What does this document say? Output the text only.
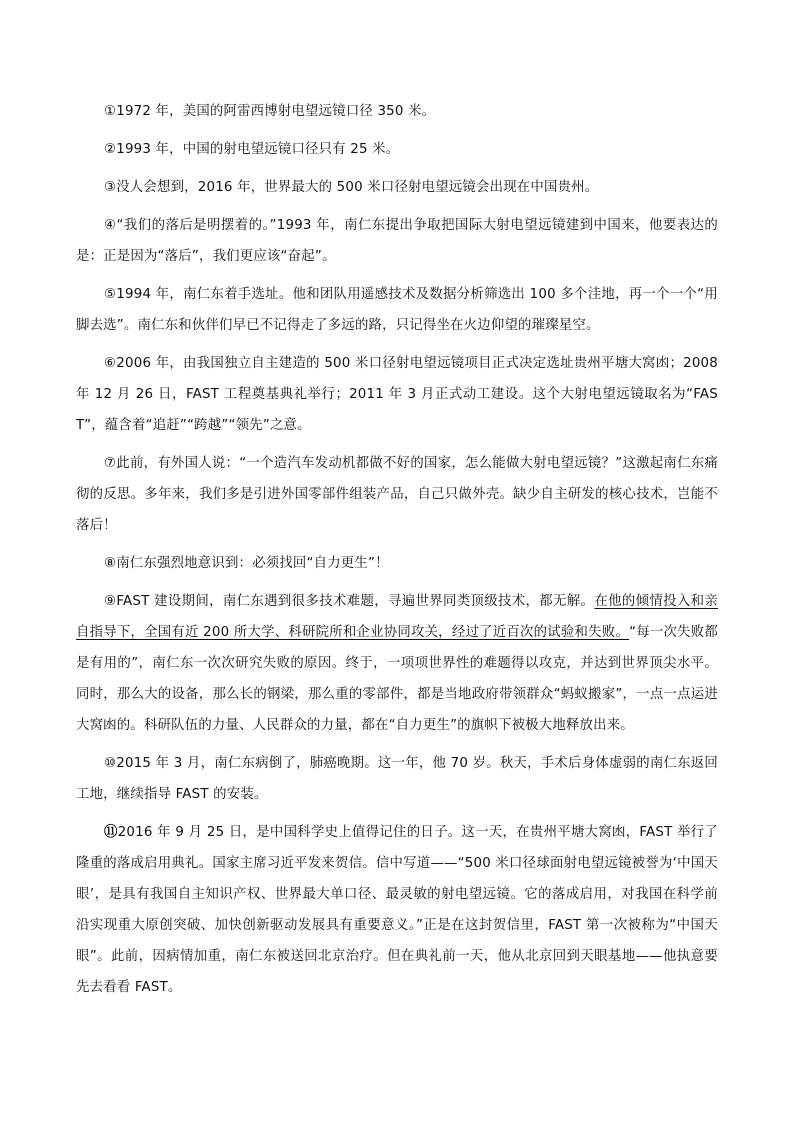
①1972 年，美国的阿雷西博射电望远镜口径 350 米。

②1993 年，中国的射电望远镜口径只有 25 米。

③没人会想到，2016 年，世界最大的 500 米口径射电望远镜会出现在中国贵州。

④“我们的落后是明摆着的。”1993 年，南仁东提出争取把国际大射电望远镜建到中国来，他要表达的是：正是因为“落后”，我们更应该“奋起”。

⑤1994 年，南仁东着手选址。他和团队用遥感技术及数据分析筛选出 100 多个洼地，再一个一个“用脚去选”。南仁东和伙伴们早已不记得走了多远的路，只记得坐在火边仰望的璀璨星空。

⑥2006 年，由我国独立自主建造的 500 米口径射电望远镜项目正式决定选址贵州平塘大窝凼；2008 年 12 月 26 日，FAST 工程奠基典礼举行；2011 年 3 月正式动工建设。这个大射电望远镜取名为“FAST”，蕴含着“追赶”“跨越”“领先”之意。

⑦此前，有外国人说：“一个造汽车发动机都做不好的国家，怎么能做大射电望远镜？”这激起南仁东痛彻的反思。多年来，我们多是引进外国零部件组装产品，自己只做外壳。缺少自主研发的核心技术，岂能不落后！

⑧南仁东强烈地意识到：必须找回“自力更生”！

⑨FAST 建设期间，南仁东遇到很多技术难题，寻遍世界同类顶级技术，都无解。在他的倾情投入和亲自指导下，全国有近 200 所大学、科研院所和企业协同攻关，经过了近百次的试验和失败。“每一次失败都是有用的”，南仁东一次次研究失败的原因。终于，一项项世界性的难题得以攻克，并达到世界顶尖水平。同时，那么大的设备，那么长的钢梁，那么重的零部件，都是当地政府带领群众“蚂蚁搬家”，一点一点运进大窝凼的。科研队伍的力量、人民群众的力量，都在“自力更生”的旗帜下被极大地释放出来。

⑩2015 年 3 月，南仁东病倒了，肺癌晚期。这一年，他 70 岁。秋天，手术后身体虚弱的南仁东返回工地，继续指导 FAST 的安装。

⑪2016 年 9 月 25 日，是中国科学史上值得记住的日子。这一天，在贵州平塘大窝凼，FAST 举行了隆重的落成启用典礼。国家主席习近平发来贺信。信中写道——“500 米口径球面射电望远镜被誉为‘中国天眼’，是具有我国自主知识产权、世界最大单口径、最灵敏的射电望远镜。它的落成启用，对我国在科学前沿实现重大原创突破、加快创新驱动发展具有重要意义。”正是在这封贺信里，FAST 第一次被称为“中国天眼”。此前，因病情加重，南仁东被送回北京治疗。但在典礼前一天，他从北京回到天眼基地——他执意要先去看看 FAST。
